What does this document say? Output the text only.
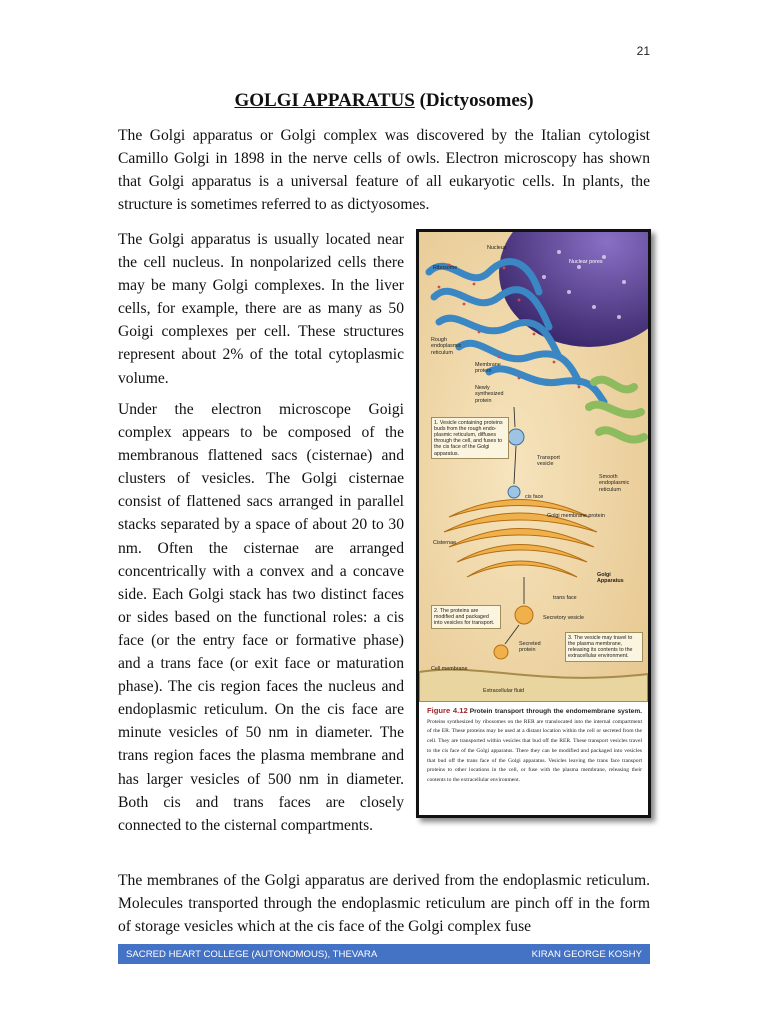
21
GOLGI APPARATUS (Dictyosomes)

The Golgi apparatus or Golgi complex was discovered by the Italian cytologist Camillo Golgi in 1898 in the nerve cells of owls. Electron microscopy has shown that Golgi apparatus is a universal feature of all eukaryotic cells. In plants, the structure is sometimes referred to as dictyosomes.

The Golgi apparatus is usually located near the cell nucleus. In nonpolarized cells there may be many Golgi complexes. In the liver cells, for example, there are as many as 50 Goigi complexes per cell. These structures represent about 2% of the total cytoplasmic volume.

Under the electron microscope Goigi complex appears to be composed of the membranous flattened sacs (cisternae) and clusters of vesicles. The Golgi cisternae consist of flattened sacs arranged in parallel stacks separated by a space of about 20 to 30 nm. Often the cisternae are arranged concentrically with a convex and a concave side. Each Golgi stack has two distinct faces or sides based on the functional roles: a cis face (or the entry face or formative phase) and a trans face (or exit face or maturation phase). The cis region faces the nucleus and endoplasmic reticulum. On the cis face are minute vesicles of 50 nm in diameter. The trans region faces the plasma membrane and has larger vesicles of 500 nm in diameter. Both cis and trans faces are closely connected to the cisternal compartments.

Nucleus
Nuclear pores
Ribosome
Rough
endoplasmic
reticulum
Membrane
protein
Newly
synthesized
protein
Transport
vesicle
Smooth
endoplasmic
reticulum
cis face
Golgi membrane protein
Cisternae
Golgi
Apparatus
trans face
Secretory vesicle
Secreted
protein
Cell membrane
Extracellular fluid
1. Vesicle containing proteins buds from the rough endo-plasmic reticulum, diffuses through the cell, and fuses to the cis face of the Golgi apparatus.
2. The proteins are modified and packaged into vesicles for transport.
3. The vesicle may travel to the plasma membrane, releasing its contents to the extracellular environment.

Figure 4.12 Protein transport through the endomembrane system. Proteins synthesized by ribosomes on the RER are translocated into the internal compartment of the ER. These proteins may be used at a distant location within the cell or secreted from the cell. They are transported within vesicles that bud off the RER. These transport vesicles travel to the cis face of the Golgi apparatus. There they can be modified and packaged into vesicles that bud off the trans face of the Golgi apparatus. Vesicles leaving the trans face transport proteins to other locations in the cell, or fuse with the plasma membrane, releasing their contents to the extracellular environment.

The membranes of the Golgi apparatus are derived from the endoplasmic reticulum. Molecules transported through the endoplasmic reticulum are pinch off in the form of storage vesicles which at the cis face of the Golgi complex fuse

SACRED HEART COLLEGE (AUTONOMOUS), THEVARA	KIRAN GEORGE KOSHY
